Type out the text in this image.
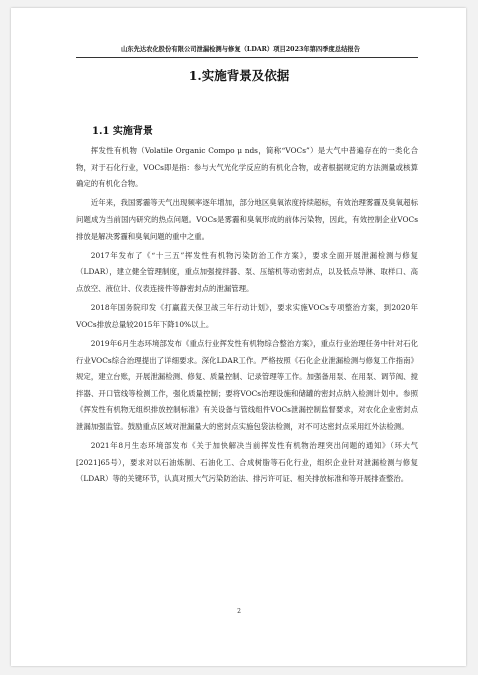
山东先达农化股份有限公司泄漏检测与修复（LDAR）项目2023年第四季度总结报告
1.实施背景及依据
1.1 实施背景

挥发性有机物（Volatile Organic Compo μ nds，简称“VOCs”）是大气中普遍存在的一类化合物，对于石化行业，VOCs即是指：参与大气光化学反应的有机化合物，或者根据规定的方法测量或核算确定的有机化合物。

近年来，我国雾霾等天气出现频率逐年增加，部分地区臭氧浓度持续超标，有效治理雾霾及臭氧超标问题成为当前国内研究的热点问题。VOCs是雾霾和臭氧形成的前体污染物，因此，有效控制企业VOCs排放是解决雾霾和臭氧问题的重中之重。

2017年发布了《“十三五”挥发性有机物污染防治工作方案》，要求全面开展泄漏检测与修复（LDAR），建立健全管理制度，重点加强搅拌器、泵、压缩机等动密封点，以及低点导淋、取样口、高点放空、液位计、仪表连接件等静密封点的泄漏管理。

2018年国务院印发《打赢蓝天保卫战三年行动计划》，要求实施VOCs专项整治方案，到2020年VOCs排放总量较2015年下降10%以上。

2019年6月生态环境部发布《重点行业挥发性有机物综合整治方案》，重点行业治理任务中针对石化行业VOCs综合治理提出了详细要求。深化LDAR工作。严格按照《石化企业泄漏检测与修复工作指南》规定，建立台账，开展泄漏检测、修复、质量控制、记录管理等工作。加强备用泵、在用泵、调节阀、搅拌器、开口管线等检测工作，强化质量控制；要将VOCs治理设施和储罐的密封点纳入检测计划中。参照《挥发性有机物无组织排放控制标准》有关设备与管线组件VOCs泄漏控制监督要求，对农化企业密封点泄漏加强监管。鼓励重点区域对泄漏量大的密封点实施包袋法检测，对不可达密封点采用红外法检测。

2021年8月生态环境部发布《关于加快解决当前挥发性有机物治理突出问题的通知》（环大气[2021]65号），要求对以石油炼制、石油化工、合成树脂等石化行业，组织企业针对泄漏检测与修复（LDAR）等的关键环节，认真对照大气污染防治法、排污许可证、相关排放标准和等开展排查整治。

2
